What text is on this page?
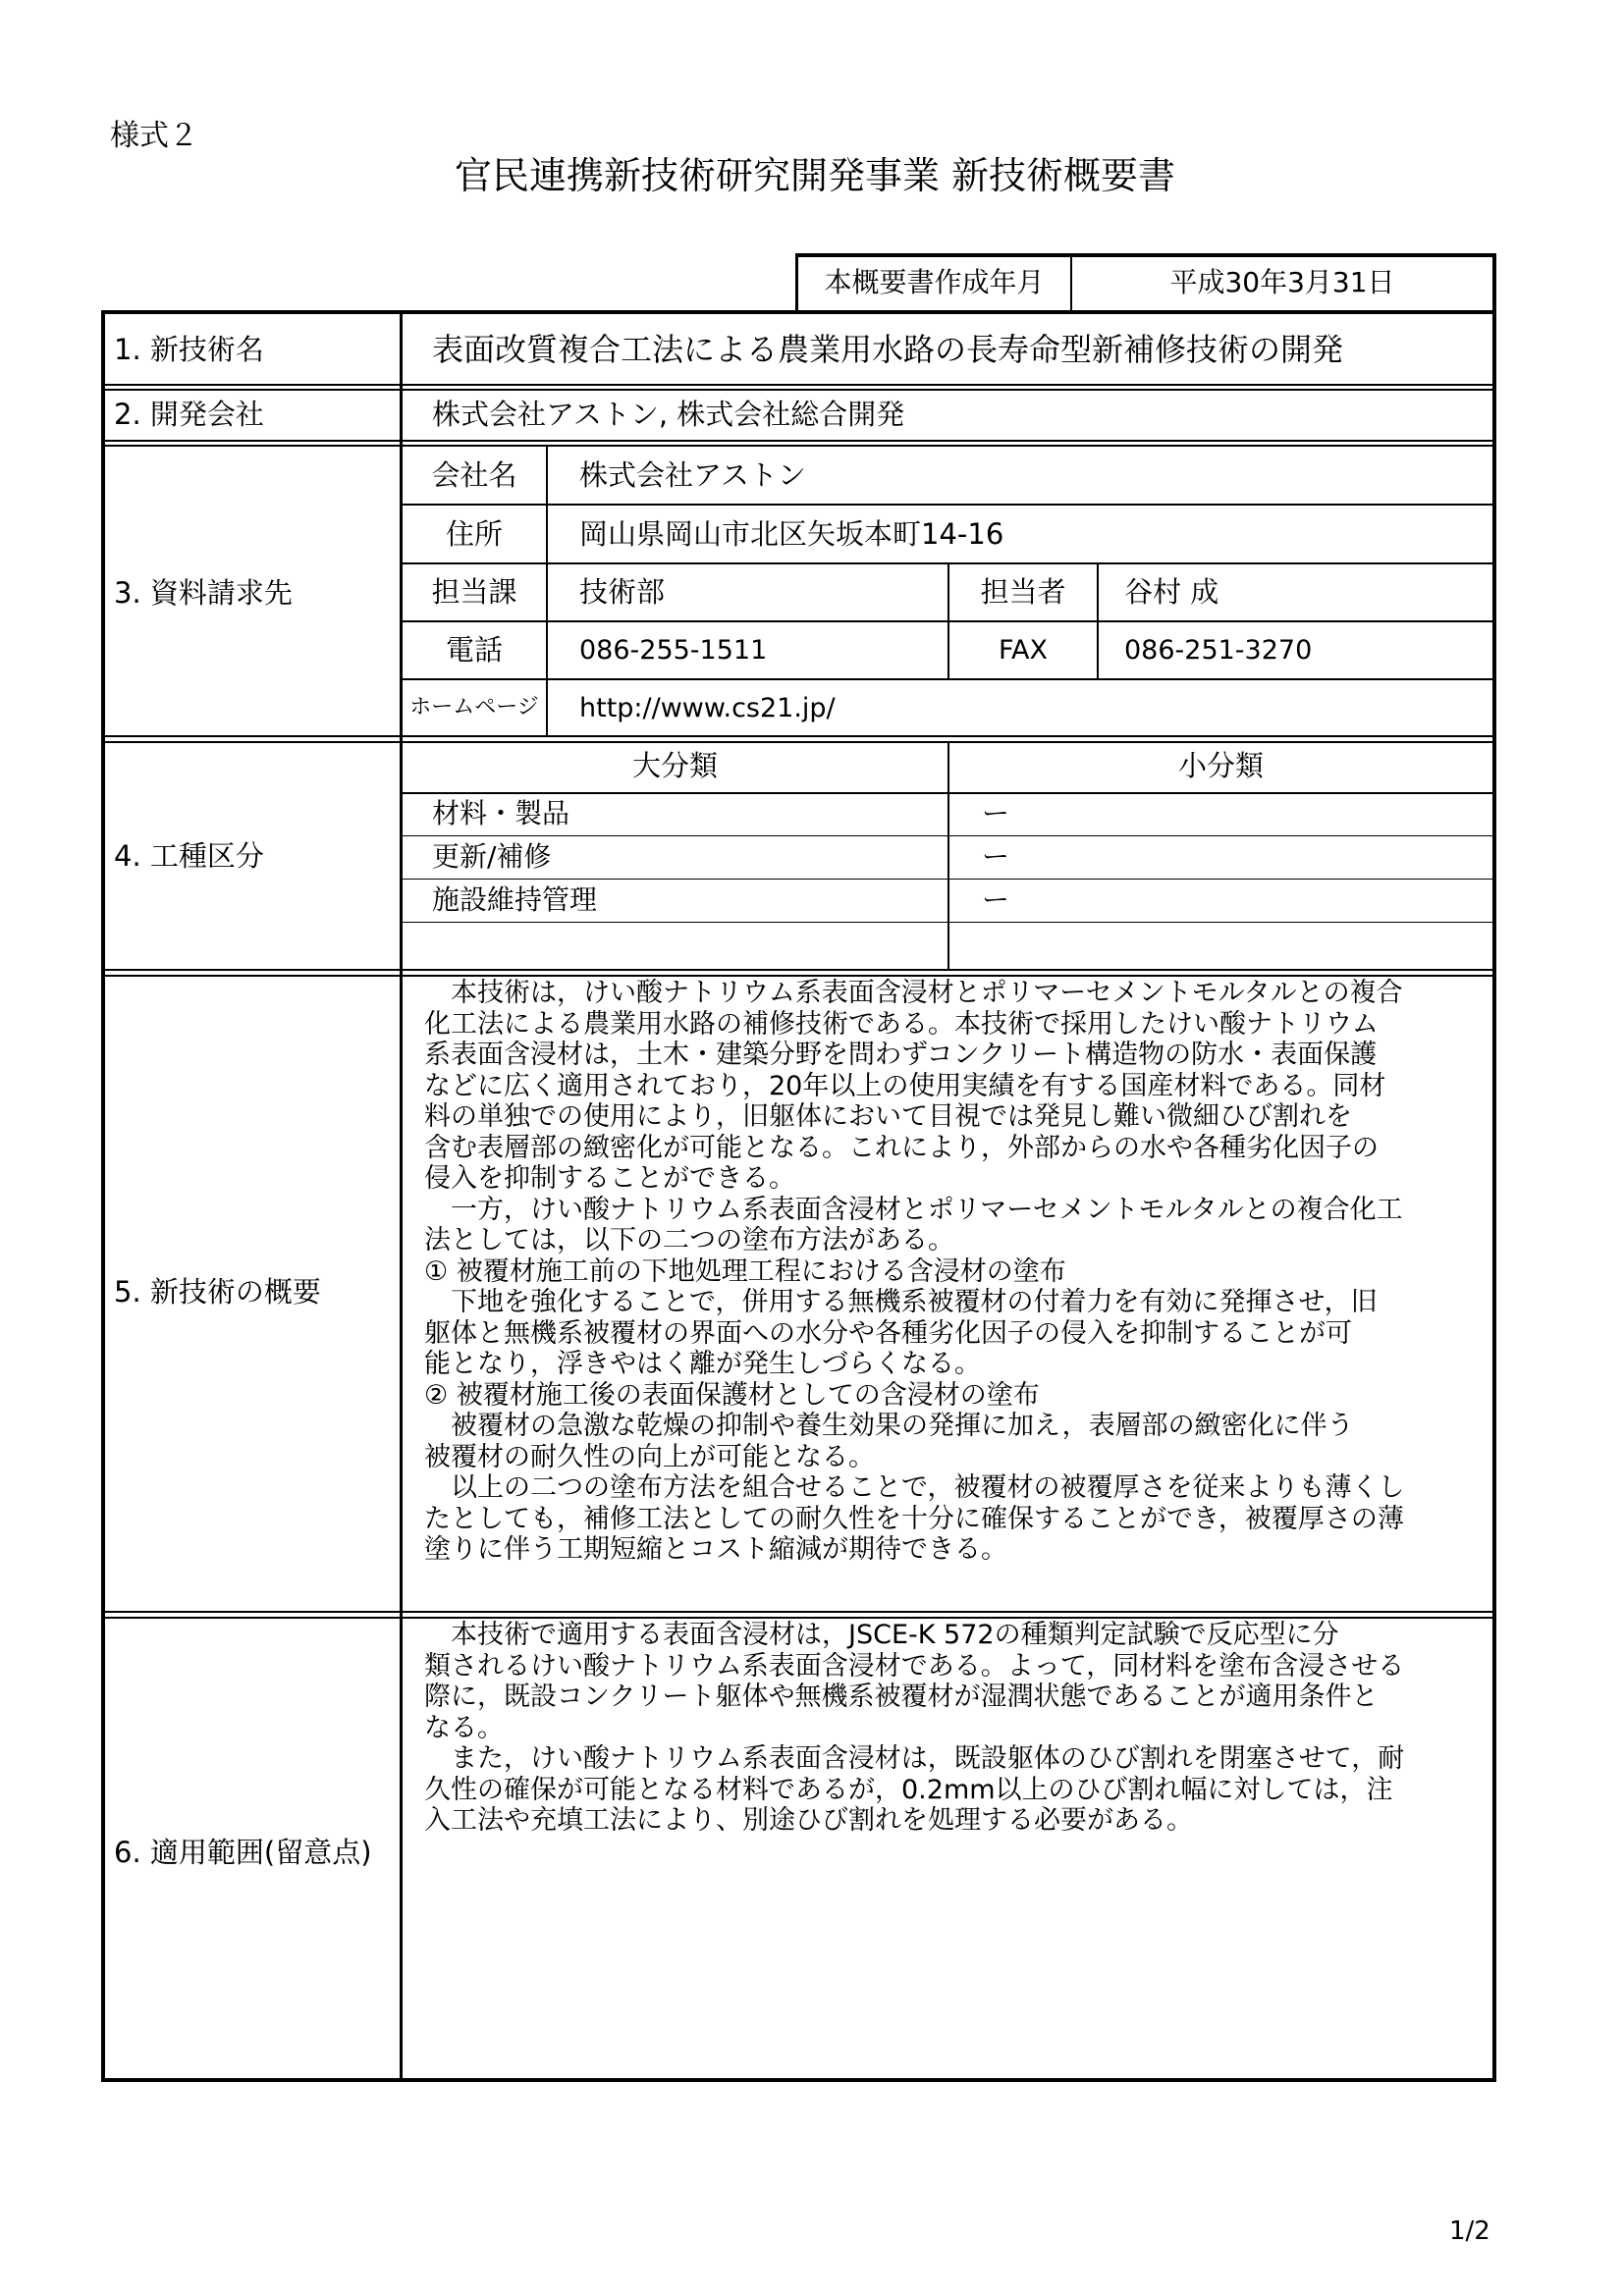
様式２
官民連携新技術研究開発事業 新技術概要書
本概要書作成年月	平成30年3月31日
1. 新技術名	表面改質複合工法による農業用水路の長寿命型新補修技術の開発
2. 開発会社	株式会社アストン, 株式会社総合開発
3. 資料請求先
会社名	株式会社アストン
住所	岡山県岡山市北区矢坂本町14-16
担当課	技術部	担当者	谷村 成
電話	086-255-1511	FAX	086-251-3270
ホームページ http://www.cs21.jp/
4. 工種区分
大分類	小分類
材料・製品	ー
更新/補修	ー
施設維持管理	ー
5. 新技術の概要
　本技術は，けい酸ナトリウム系表面含浸材とポリマーセメントモルタルとの複合
化工法による農業用水路の補修技術である。本技術で採用したけい酸ナトリウム
系表面含浸材は，土木・建築分野を問わずコンクリート構造物の防水・表面保護
などに広く適用されており，20年以上の使用実績を有する国産材料である。同材
料の単独での使用により，旧躯体において目視では発見し難い微細ひび割れを
含む表層部の緻密化が可能となる。これにより，外部からの水や各種劣化因子の
侵入を抑制することができる。
　一方，けい酸ナトリウム系表面含浸材とポリマーセメントモルタルとの複合化工
法としては，以下の二つの塗布方法がある。
① 被覆材施工前の下地処理工程における含浸材の塗布
　下地を強化することで，併用する無機系被覆材の付着力を有効に発揮させ，旧
躯体と無機系被覆材の界面への水分や各種劣化因子の侵入を抑制することが可
能となり，浮きやはく離が発生しづらくなる。
② 被覆材施工後の表面保護材としての含浸材の塗布
　被覆材の急激な乾燥の抑制や養生効果の発揮に加え，表層部の緻密化に伴う
被覆材の耐久性の向上が可能となる。
　以上の二つの塗布方法を組合せることで，被覆材の被覆厚さを従来よりも薄くし
たとしても，補修工法としての耐久性を十分に確保することができ，被覆厚さの薄
塗りに伴う工期短縮とコスト縮減が期待できる。
6. 適用範囲(留意点)
　本技術で適用する表面含浸材は，JSCE-K 572の種類判定試験で反応型に分
類されるけい酸ナトリウム系表面含浸材である。よって，同材料を塗布含浸させる
際に，既設コンクリート躯体や無機系被覆材が湿潤状態であることが適用条件と
なる。
　また，けい酸ナトリウム系表面含浸材は，既設躯体のひび割れを閉塞させて，耐
久性の確保が可能となる材料であるが，0.2mm以上のひび割れ幅に対しては，注
入工法や充填工法により、別途ひび割れを処理する必要がある。
1/2
